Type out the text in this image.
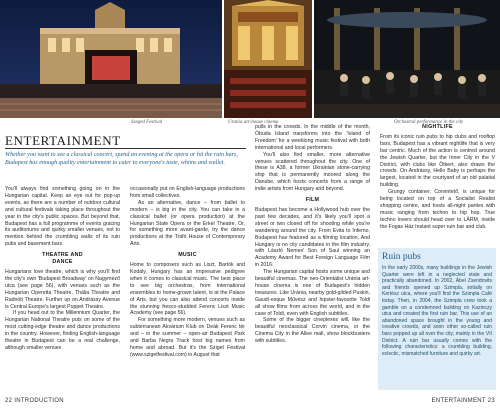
Szeged Festival	Urania art-house cinema	Orchestral performance in the city
ENTERTAINMENT
Whether you want to see a classical concert, spend an evening at the opera or hit the ruin bars, Budapest has enough quality entertainment to cater to everyone's taste, whims and wallet.

You'll always find something going on in the Hungarian capital. Keep an eye out for pop-up events, as there are a number of outdoor cultural and cultural festivals taking place throughout the year in the city's public spaces. But beyond that, Budapest has a full programme of events gracing its auditoriums and quirky smaller venues, not to mention behind the crumbling walls of its ruin pubs and basement bars.

THEATRE AND
DANCE

Hungarians love theatre, which is why you'll find the city's own 'Budapest Broadway' on Nagymező utca (see page 56), with venues such as the Hungarian Operetta Theatre, Thália Theatre and Radnóti Theatre. Further up on Andrássy Avenue is Central Europe's largest Puppet Theatre.

If you head out to the Millennium Quarter, the Hungarian National Theatre puts on some of the most cutting-edge theatre and dance productions in the country. However, finding English-language theatre in Budapest can be a real challenge, although smaller venues

occasionally put on English-language productions from small collectives.

As an alternative, dance – from ballet to modern – is big in the city. You can take in a classical ballet (or opera production) at the Hungarian State Opera or the Erkel Theatre, Or, for something more avant-garde, try the dance productions at the Trafó House of Contemporary Arts.

MUSIC

Home to composers such as Liszt, Bartók and Kodály, Hungary has an impressive pedigree when it comes to classical music. The best place to see big orchestras, from international ensembles to home-grown talent, is at the Palace of Arts, but you can also attend concerts inside the stunning fresco-studded Ferenc Liszt Music Academy (see page 56).

For something more modern, venues such as subterranean Akvárium Klub on Deák Ferenc tér and – in the summer – open-air Budapest Park and Barba Negra Track host big names from home and abroad. But it's the Sziget Festival (www.szigetfestival.com) in August that

pulls in the crowds. In the middle of the month, Óbuda Island transforms into the 'Island of Freedom' for a weeklong music festival with both international and local performers.

You'll also find smaller, more alternative venues scattered throughout the city. One of these is A38, a former Ukrainian stone-carrying ship that is permanently moored along the Danube, which hosts concerts from a range of indie artists from Hungary and beyond.

FILM

Budapest has become a Hollywood hub over the past few decades, and it's likely you'll spot a street or two closed off for shooting while you're wandering around the city. From Evita to Inferno, Budapest has featured as a filming location. And Hungary is no city candidates in the film industry, with László Nemes' Son of Saul winning an Academy Award for Best Foreign Language Film in 2016.

The Hungarian capital hosts some unique and beautiful cinemas. The neo-Orientalist Uránia art-house cinema is one of Budapest's hidden treasures. Like Uránia, nearby gold-gilded Puskin, Gaudí-esque Művész and hipster-favourite Toldi all show films from across the world, and in the case of Toldi, even with English subtitles.

Some of the bigger cineplexes will, like the beautiful neoclassical Corvin cinema, or the Cinema City in the Allee mall, show blockbusters with subtitles.

NIGHTLIFE

From its iconic ruin pubs to hip clubs and rooftop bars, Budapest has a vibrant nightlife that is very bar centric. Much of the action is centred around the Jewish Quarter, but the Inner City in the V District, with clubs like Ötkert, also draws the crowds. On Andrássy, Hello Baby is perhaps the largest, located in the courtyard of an old palatial building.

Grungy container, Corvintető, is unique for being located on top of a Socialist Realist shopping centre, and hosts all-night parties with music ranging from techno to hip hop. True techno lovers should head over to LÄRM, inside the Fogas Ház Instant super ruin bar and club.

Ruin pubs
In the early 2000s, many buildings in the Jewish Quarter were left in a neglected state and practically abandoned. In 2002, Ábel Zsendovits and friends opened up Szimpla, initially on Kertész utca, where you'll find the Szimpla Café today. Then, in 2004, the Szimpla crew took a gamble on a condemned building on Kazinczy utca and created the first ruin bar. This use of an abandoned space brought in the young and creative crowds, and soon other so-called ruin bars popped up all over the city, mainly in the VII District. A ruin bar usually comes with the following characteristics: a crumbling building, eclectic, mismatched furniture and quirky art.
22 INTRODUCTION	ENTERTAINMENT 23
